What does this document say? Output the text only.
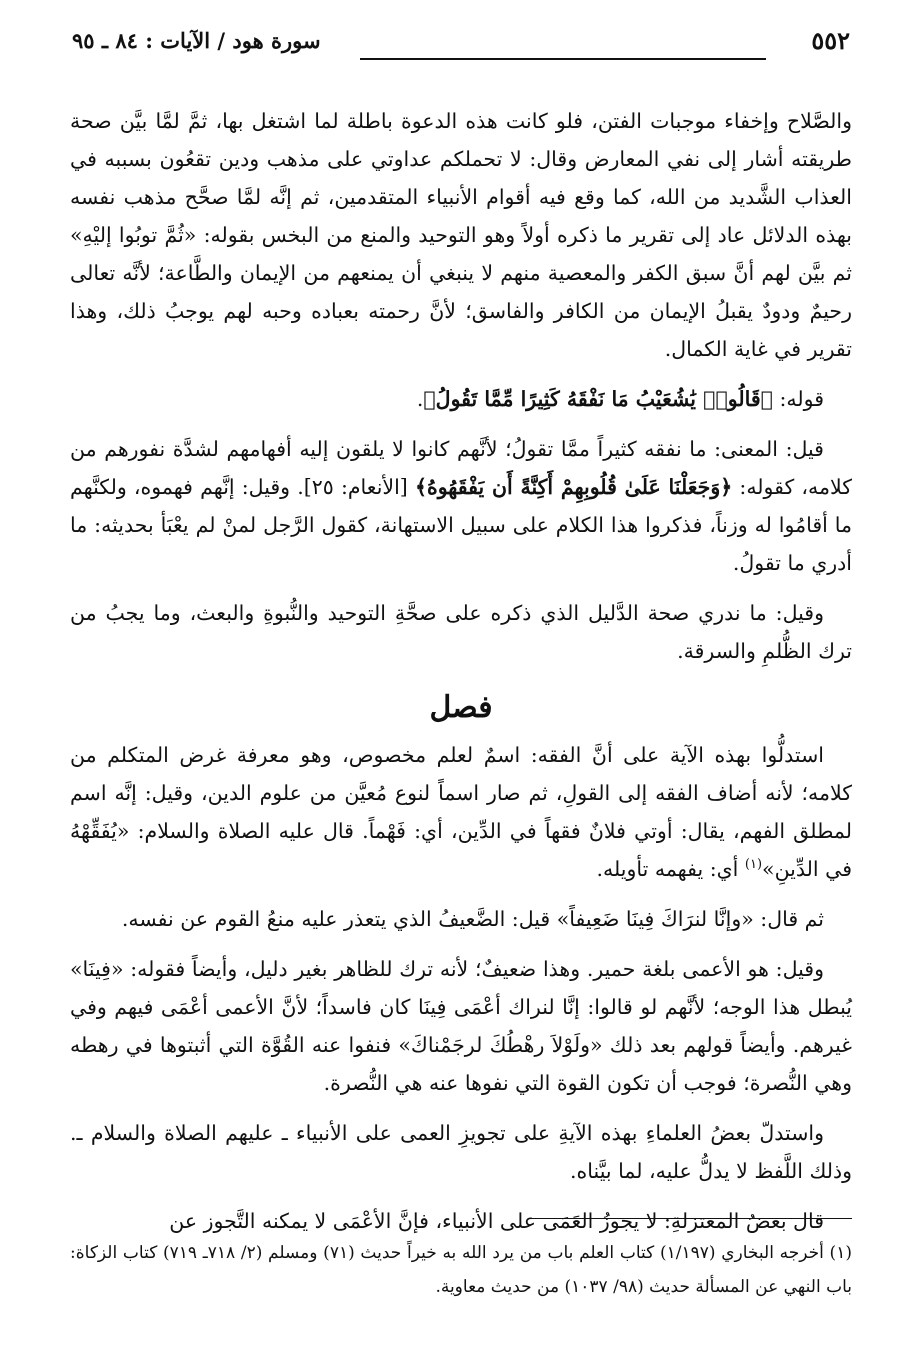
٥٥٢
سورة هود / الآيات : ٨٤ ـ ٩٥

والصَّلاح وإخفاء موجبات الفتن، فلو كانت هذه الدعوة باطلة لما اشتغل بها، ثمَّ لمَّا بيَّن صحة طريقته أشار إلى نفي المعارض وقال: لا تحملكم عداوتي على مذهب ودين تقعُون بسببه في العذاب الشَّديد من الله، كما وقع فيه أقوام الأنبياء المتقدمين، ثم إنَّه لمَّا صحَّح مذهب نفسه بهذه الدلائل عاد إلى تقرير ما ذكره أولاً وهو التوحيد والمنع من البخس بقوله: «ثُمَّ توبُوا إليْهِ» ثم بيَّن لهم أنَّ سبق الكفر والمعصية منهم لا ينبغي أن يمنعهم من الإيمان والطَّاعة؛ لأنَّه تعالى رحيمٌ ودودٌ يقبلُ الإيمان من الكافر والفاسق؛ لأنَّ رحمته بعباده وحبه لهم يوجبُ ذلك، وهذا تقرير في غاية الكمال.

قوله: ﴿قَالُوا۟ يَٰشُعَيْبُ مَا نَفْقَهُ كَثِيرًا مِّمَّا تَقُولُ﴾.

قيل: المعنى: ما نفقه كثيراً ممَّا تقولُ؛ لأنَّهم كانوا لا يلقون إليه أفهامهم لشدَّة نفورهم من كلامه، كقوله: ﴿وَجَعَلْنَا عَلَىٰ قُلُوبِهِمْ أَكِنَّةً أَن يَفْقَهُوهُ﴾ [الأنعام: ٢٥]. وقيل: إنَّهم فهموه، ولكنَّهم ما أقامُوا له وزناً، فذكروا هذا الكلام على سبيل الاستهانة، كقول الرَّجل لمنْ لم يعْبَأ بحديثه: ما أدري ما تقولُ.

وقيل: ما ندري صحة الدَّليل الذي ذكره على صحَّةِ التوحيد والنُّبوةِ والبعث، وما يجبُ من ترك الظُّلمِ والسرقة.

فصل

استدلُّوا بهذه الآية على أنَّ الفقه: اسمٌ لعلم مخصوص، وهو معرفة غرض المتكلم من كلامه؛ لأنه أضاف الفقه إلى القولِ، ثم صار اسماً لنوع مُعيَّن من علوم الدين، وقيل: إنَّه اسم لمطلق الفهم، يقال: أوتي فلانٌ فقهاً في الدِّين، أي: فَهْماً. قال عليه الصلاة والسلام: «يُفَقِّهْهُ في الدِّينِ»$^{(١)}$ أي: يفهمه تأويله.

ثم قال: «وإنَّا لنرَاكَ فِينَا ضَعِيفاً» قيل: الضَّعيفُ الذي يتعذر عليه منعُ القوم عن نفسه.

وقيل: هو الأعمى بلغة حمير. وهذا ضعيفٌ؛ لأنه ترك للظاهر بغير دليل، وأيضاً فقوله: «فِينَا» يُبطل هذا الوجه؛ لأنَّهم لو قالوا: إنَّا لنراك أعْمَى فِينَا كان فاسداً؛ لأنَّ الأعمى أعْمَى فيهم وفي غيرهم. وأيضاً قولهم بعد ذلك «ولَوْلاَ رهْطُكَ لرجَمْناكَ» فنفوا عنه القُوَّة التي أثبتوها في رهطه وهي النُّصرة؛ فوجب أن تكون القوة التي نفوها عنه هي النُّصرة.

واستدلّ بعضُ العلماءِ بهذه الآيةِ على تجويزِ العمى على الأنبياء ـ عليهم الصلاة والسلام ـ. وذلك اللَّفظ لا يدلُّ عليه، لما بيَّناه.

قال بعضُ المعتزلةِ: لا يجوزُ العَمَى على الأنبياء، فإنَّ الأعْمَى لا يمكنه التَّجوز عن

(١) أخرجه البخاري (١/١٩٧) كتاب العلم باب من يرد الله به خيراً حديث (٧١) ومسلم (٢/ ٧١٨ـ ٧١٩) كتاب الزكاة: باب النهي عن المسألة حديث (٩٨/ ١٠٣٧) من حديث معاوية.
